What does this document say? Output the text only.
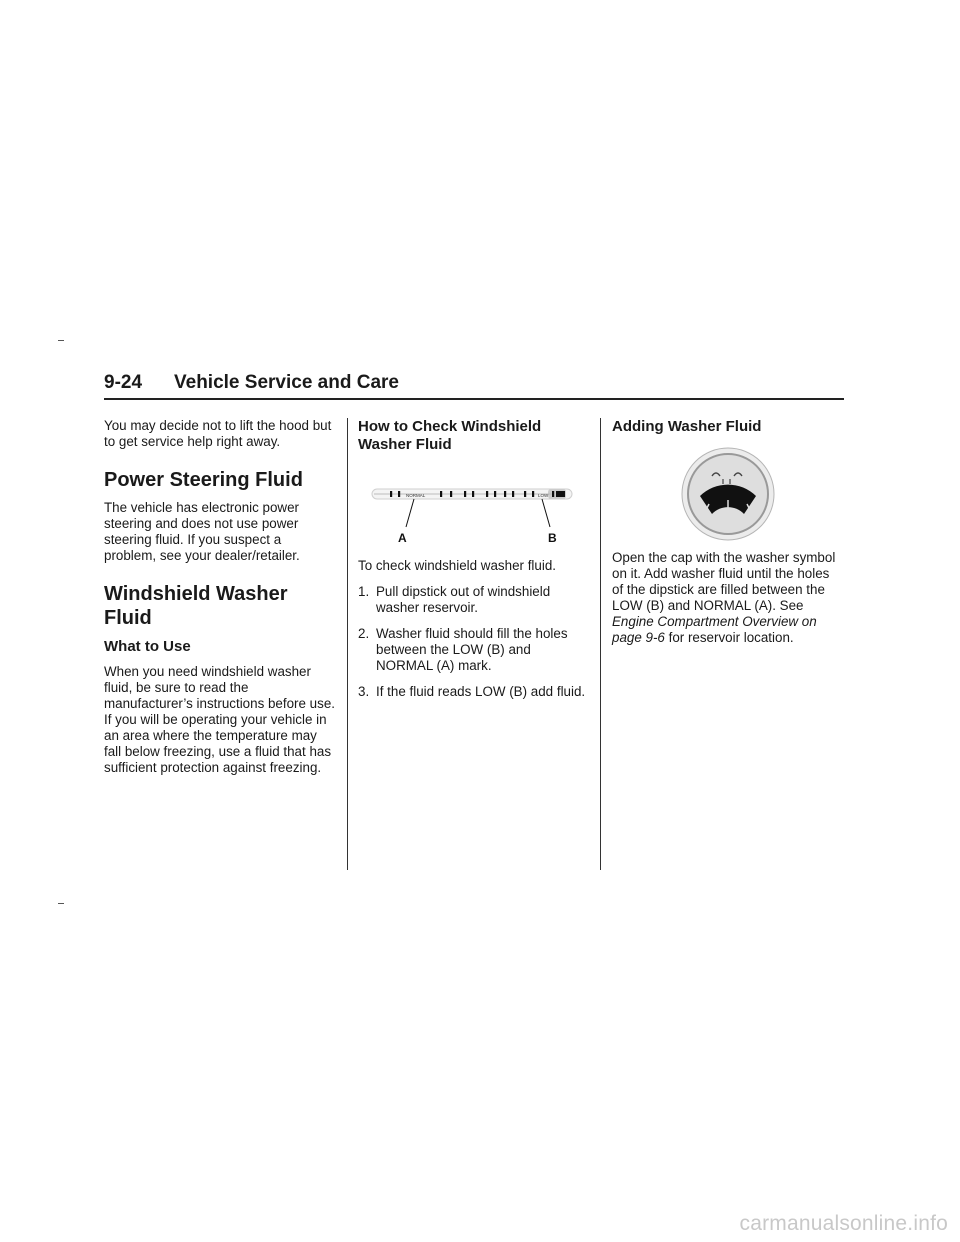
9-24 Vehicle Service and Care

You may decide not to lift the hood but to get service help right away.

Power Steering Fluid

The vehicle has electronic power steering and does not use power steering fluid. If you suspect a problem, see your dealer/retailer.

Windshield Washer Fluid
What to Use

When you need windshield washer fluid, be sure to read the manufacturer’s instructions before use. If you will be operating your vehicle in an area where the temperature may fall below freezing, use a fluid that has sufficient protection against freezing.

How to Check Windshield Washer Fluid
NORMAL	LOW
A	B

To check windshield washer fluid.

1. Pull dipstick out of windshield washer reservoir.
2. Washer fluid should fill the holes between the LOW (B) and NORMAL (A) mark.
3. If the fluid reads LOW (B) add fluid.
Adding Washer Fluid

Open the cap with the washer symbol on it. Add washer fluid until the holes of the dipstick are filled between the LOW (B) and NORMAL (A). See Engine Compartment Overview on page 9-6 for reservoir location.

carmanualsonline.info
